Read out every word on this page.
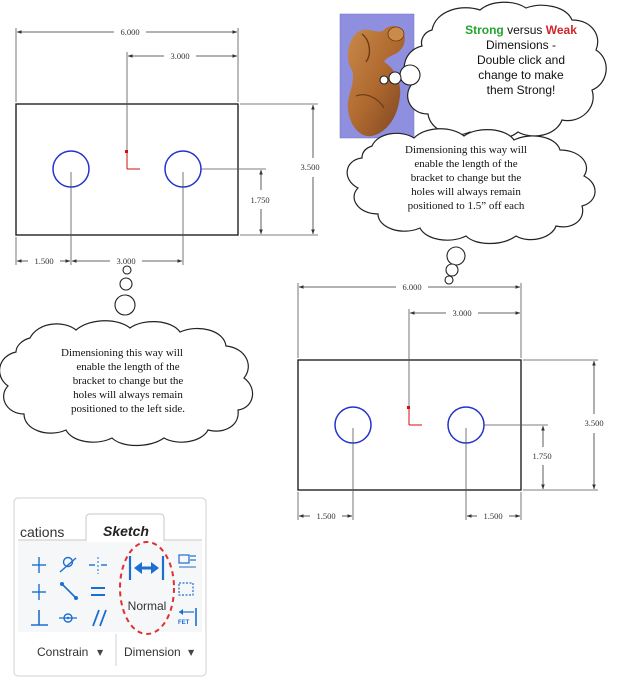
6.000
3.000
3.500
1.750
1.500	3.000
6.000
3.000
3.500
1.750
1.500	1.500
Strong versus Weak
Dimensions -
Double click and
change to make
them Strong!
Dimensioning this way will
enable the length of the
bracket to change but the
holes will always remain
positioned to 1.5” off each
Dimensioning this way will
enable the length of the
bracket to change but the
holes will always remain
positioned to the left side.
cations	Sketch
Normal
FET
Constrain ▼ Dimension ▼
